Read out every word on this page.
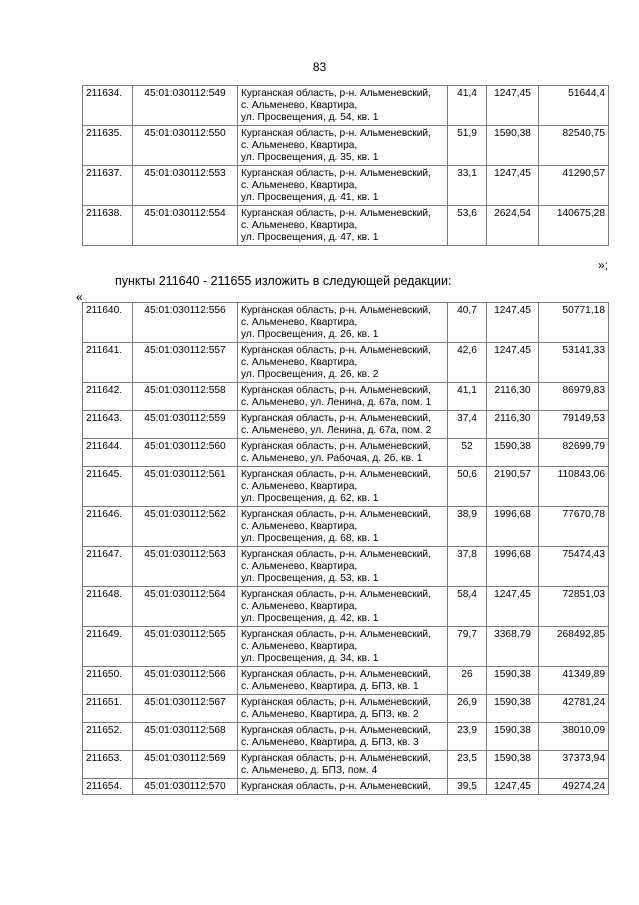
83
211634.	45:01:030112:549	Курганская область, р-н. Альменевский,
с. Альменево, Квартира,
ул. Просвещения, д. 54, кв. 1	41,4	1247,45	51644,4
211635.	45:01:030112:550	Курганская область, р-н. Альменевский,
с. Альменево, Квартира,
ул. Просвещения, д. 35, кв. 1	51,9	1590,38	82540,75
211637.	45:01:030112:553	Курганская область, р-н. Альменевский,
с. Альменево, Квартира,
ул. Просвещения, д. 41, кв. 1	33,1	1247,45	41290,57
211638.	45:01:030112:554	Курганская область, р-н. Альменевский,
с. Альменево, Квартира,
ул. Просвещения, д. 47, кв. 1	53,6	2624,54	140675,28
»;
пункты 211640 - 211655 изложить в следующей редакции:
«
211640.	45:01:030112:556	Курганская область, р-н. Альменевский,
с. Альменево, Квартира,
ул. Просвещения, д. 26, кв. 1	40,7	1247,45	50771,18
211641.	45:01:030112:557	Курганская область, р-н. Альменевский,
с. Альменево, Квартира,
ул. Просвещения, д. 26, кв. 2	42,6	1247,45	53141,33
211642.	45:01:030112:558	Курганская область, р-н. Альменевский,
с. Альменево, ул. Ленина, д. 67а, пом. 1	41,1	2116,30	86979,83
211643.	45:01:030112:559	Курганская область, р-н. Альменевский,
с. Альменево, ул. Ленина, д. 67а, пом. 2	37,4	2116,30	79149,53
211644.	45:01:030112:560	Курганская область, р-н. Альменевский,
с. Альменево, ул. Рабочая, д. 2б, кв. 1	52	1590,38	82699,79
211645.	45:01:030112:561	Курганская область, р-н. Альменевский,
с. Альменево, Квартира,
ул. Просвещения, д. 62, кв. 1	50,6	2190,57	110843,06
211646.	45:01:030112:562	Курганская область, р-н. Альменевский,
с. Альменево, Квартира,
ул. Просвещения, д. 68, кв. 1	38,9	1996,68	77670,78
211647.	45:01:030112:563	Курганская область, р-н. Альменевский,
с. Альменево, Квартира,
ул. Просвещения, д. 53, кв. 1	37,8	1996,68	75474,43
211648.	45:01:030112:564	Курганская область, р-н. Альменевский,
с. Альменево, Квартира,
ул. Просвещения, д. 42, кв. 1	58,4	1247,45	72851,03
211649.	45:01:030112:565	Курганская область, р-н. Альменевский,
с. Альменево, Квартира,
ул. Просвещения, д. 34, кв. 1	79,7	3368,79	268492,85
211650.	45:01:030112:566	Курганская область, р-н. Альменевский,
с. Альменево, Квартира, д. БПЗ, кв. 1	26	1590,38	41349,89
211651.	45:01:030112:567	Курганская область, р-н. Альменевский,
с. Альменево, Квартира, д. БПЗ, кв. 2	26,9	1590,38	42781,24
211652.	45:01:030112:568	Курганская область, р-н. Альменевский,
с. Альменево, Квартира, д. БПЗ, кв. 3	23,9	1590,38	38010,09
211653.	45:01:030112:569	Курганская область, р-н. Альменевский,
с. Альменево, д. БПЗ, пом. 4	23,5	1590,38	37373,94
211654.	45:01:030112:570	Курганская область, р-н. Альменевский,	39,5	1247,45	49274,24
